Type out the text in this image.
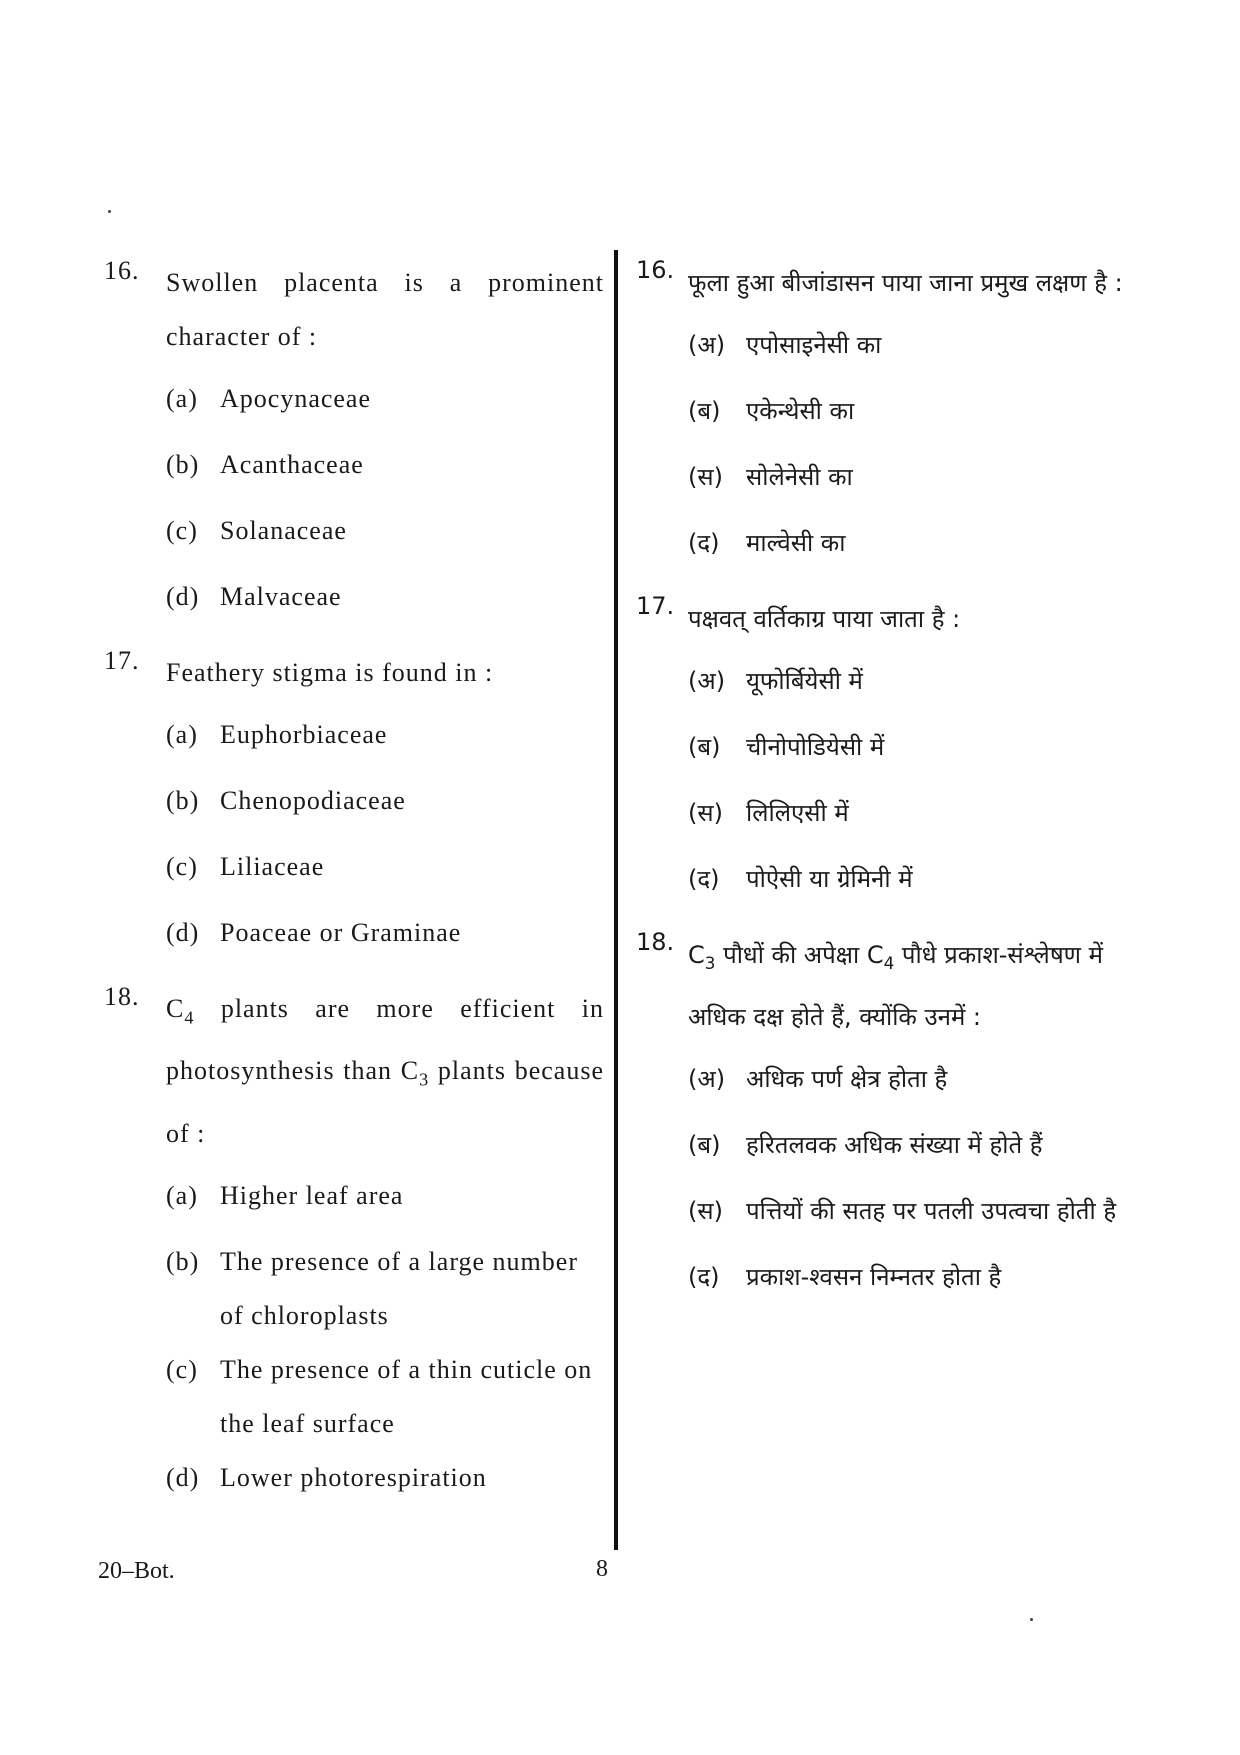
16.	Swollen placenta is a prominent character of :
(a) Apocynaceae
(b) Acanthaceae
(c) Solanaceae
(d) Malvaceae
17.	Feathery stigma is found in :
(a) Euphorbiaceae
(b) Chenopodiaceae
(c) Liliaceae
(d) Poaceae or Graminae
18.	$C_4$ plants are more efficient in photosynthesis than $C_3$ plants because of :
(a) Higher leaf area
(b) The presence of a large number of chloroplasts
(c) The presence of a thin cuticle on the leaf surface
(d) Lower photorespiration
16. फूला हुआ बीजांडासन पाया जाना प्रमुख लक्षण है :
(अ) एपोसाइनेसी का
(ब)	एकेन्थेसी का
(स) सोलेनेसी का
(द)	माल्वेसी का
17. पक्षवत् वर्तिकाग्र पाया जाता है :
(अ) यूफोर्बियेसी में
(ब)	चीनोपोडियेसी में
(स) लिलिएसी में
(द)	पोऐसी या ग्रेमिनी में
18. $C_3$ पौधों की अपेक्षा $C_4$ पौधे प्रकाश-संश्लेषण में अधिक दक्ष होते हैं, क्योंकि उनमें :
(अ) अधिक पर्ण क्षेत्र होता है
(ब)	हरितलवक अधिक संख्या में होते हैं
(स) पत्तियों की सतह पर पतली उपत्वचा होती है
(द)	प्रकाश-श्वसन निम्नतर होता है
20–Bot.	8
